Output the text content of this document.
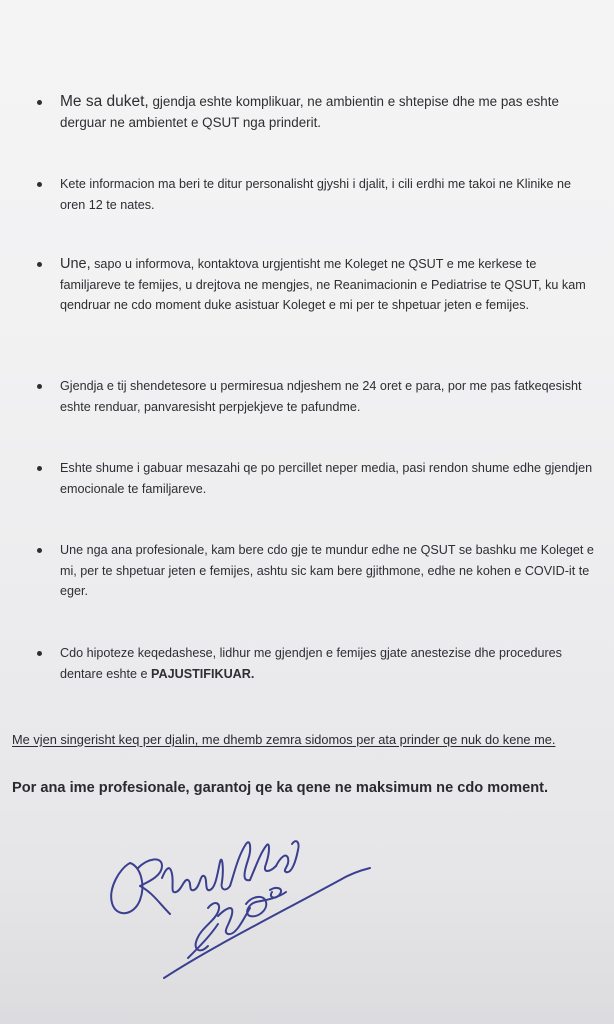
Me sa duket, gjendja eshte komplikuar, ne ambientin e shtepise dhe me pas eshte derguar ne ambientet e QSUT nga prinderit.
Kete informacion ma beri te ditur personalisht gjyshi i djalit, i cili erdhi me takoi ne Klinike ne oren 12 te nates.
Une, sapo u informova, kontaktova urgjentisht me Koleget ne QSUT e me kerkese te familjareve te femijes, u drejtova ne mengjes, ne Reanimacionin e Pediatrise te QSUT, ku kam qendruar ne cdo moment duke asistuar Koleget e mi per te shpetuar jeten e femijes.
Gjendja e tij shendetesore u permiresua ndjeshem ne 24 oret e para, por me pas fatkeqesisht eshte renduar, panvaresisht perpjekjeve te pafundme.
Eshte shume i gabuar mesazahi qe po percillet neper media, pasi rendon shume edhe gjendjen emocionale te familjareve.
Une nga ana profesionale, kam bere cdo gje te mundur edhe ne QSUT se bashku me Koleget e mi, per te shpetuar jeten e femijes, ashtu sic kam bere gjithmone, edhe ne kohen e COVID-it te eger.
Cdo hipoteze keqedashese, lidhur me gjendjen e femijes gjate anestezise dhe procedures dentare eshte e PAJUSTIFIKUAR.
Me vjen singerisht keq per djalin, me dhemb zemra sidomos per ata prinder qe nuk do kene me.
Por ana ime profesionale, garantoj qe ka qene ne maksimum ne cdo moment.
